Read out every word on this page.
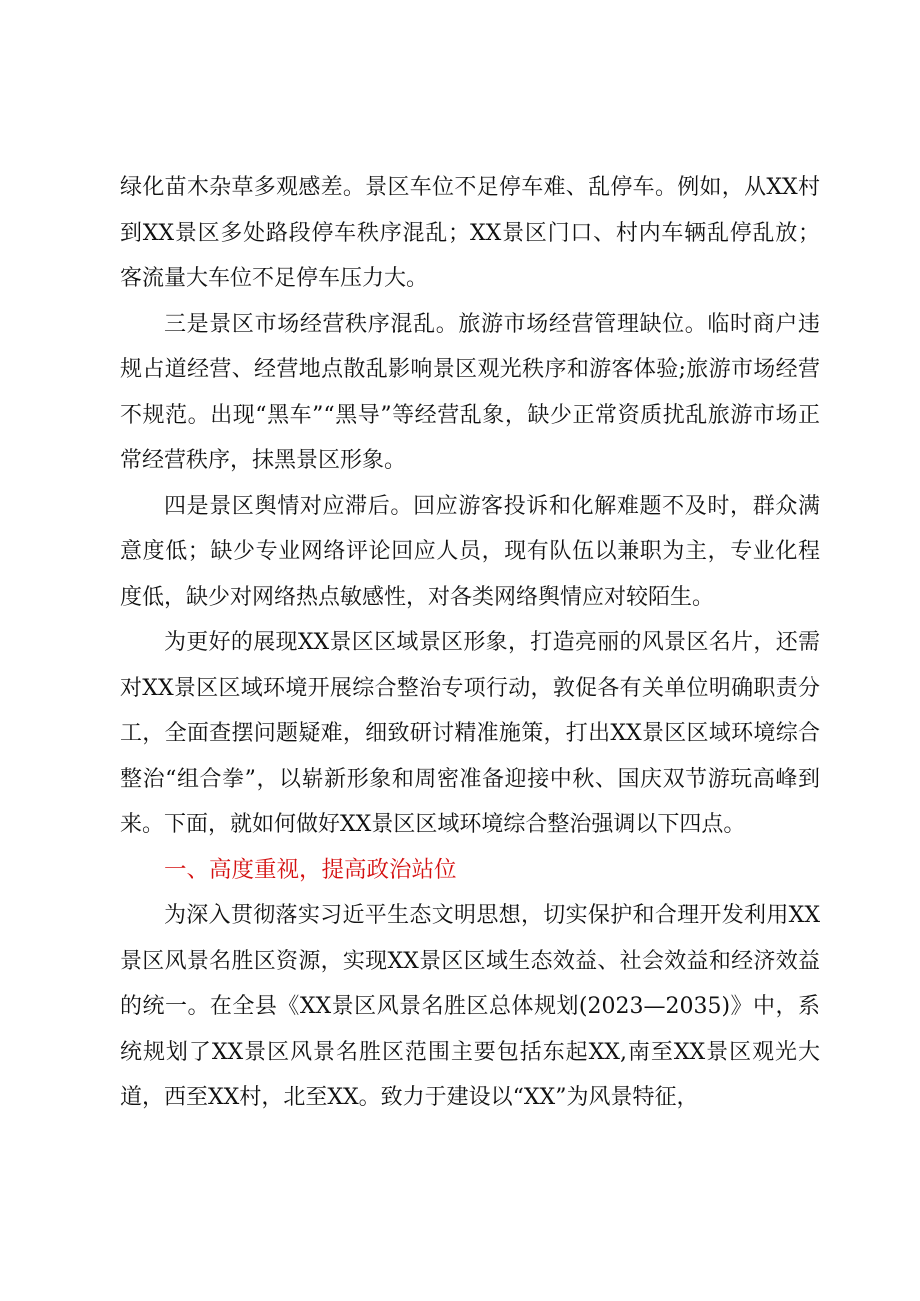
绿化苗木杂草多观感差。景区车位不足停车难、乱停车。例如，从XX村到XX景区多处路段停车秩序混乱；XX景区门口、村内车辆乱停乱放；客流量大车位不足停车压力大。

三是景区市场经营秩序混乱。旅游市场经营管理缺位。临时商户违规占道经营、经营地点散乱影响景区观光秩序和游客体验;旅游市场经营不规范。出现“黑车”“黑导”等经营乱象，缺少正常资质扰乱旅游市场正常经营秩序，抹黑景区形象。

四是景区舆情对应滞后。回应游客投诉和化解难题不及时，群众满意度低；缺少专业网络评论回应人员，现有队伍以兼职为主，专业化程度低，缺少对网络热点敏感性，对各类网络舆情应对较陌生。

为更好的展现XX景区区域景区形象，打造亮丽的风景区名片，还需对XX景区区域环境开展综合整治专项行动，敦促各有关单位明确职责分工，全面查摆问题疑难，细致研讨精准施策，打出XX景区区域环境综合整治“组合拳”，以崭新形象和周密准备迎接中秋、国庆双节游玩高峰到来。下面，就如何做好XX景区区域环境综合整治强调以下四点。

一、高度重视，提高政治站位

为深入贯彻落实习近平生态文明思想，切实保护和合理开发利用XX景区风景名胜区资源，实现XX景区区域生态效益、社会效益和经济效益的统一。在全县《XX景区风景名胜区总体规划(2023—2035)》中，系统规划了XX景区风景名胜区范围主要包括东起XX,南至XX景区观光大道，西至XX村，北至XX。致力于建设以“XX”为风景特征，
